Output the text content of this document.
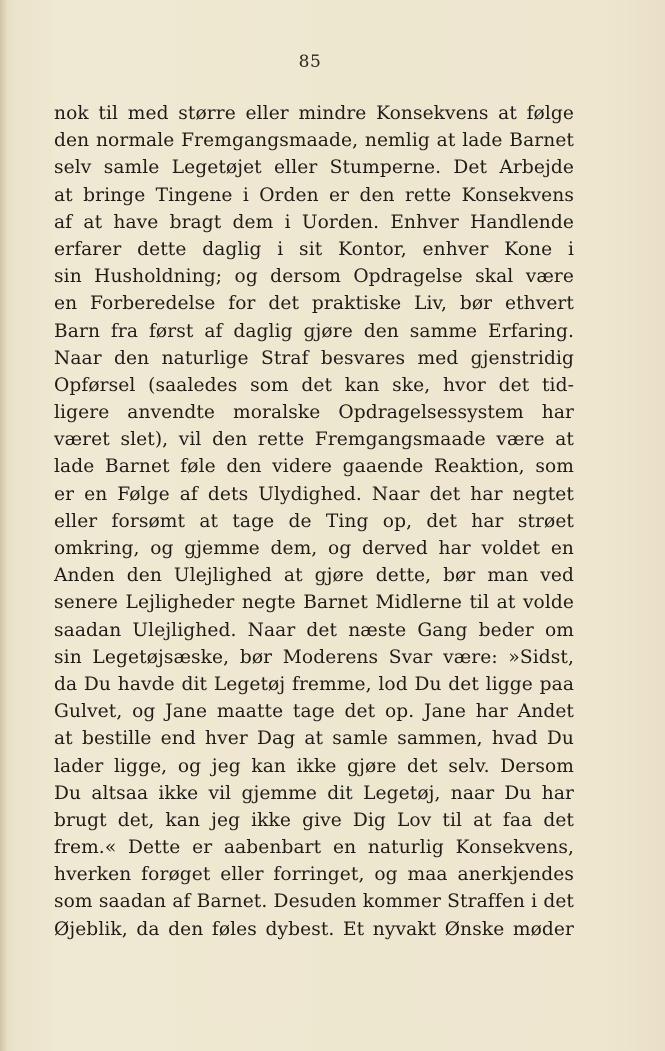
85
nok til med større eller mindre Konsekvens at følge
den normale Fremgangsmaade, nemlig at lade Barnet
selv samle Legetøjet eller Stumperne. Det Arbejde
at bringe Tingene i Orden er den rette Konsekvens
af at have bragt dem i Uorden. Enhver Handlende
erfarer dette daglig i sit Kontor, enhver Kone i
sin Husholdning; og dersom Opdragelse skal være
en Forberedelse for det praktiske Liv, bør ethvert
Barn fra først af daglig gjøre den samme Erfaring.
Naar den naturlige Straf besvares med gjenstridig
Opførsel (saaledes som det kan ske, hvor det tid-
ligere anvendte moralske Opdragelsessystem har
været slet), vil den rette Fremgangsmaade være at
lade Barnet føle den videre gaaende Reaktion, som
er en Følge af dets Ulydighed. Naar det har negtet
eller forsømt at tage de Ting op, det har strøet
omkring, og gjemme dem, og derved har voldet en
Anden den Ulejlighed at gjøre dette, bør man ved
senere Lejligheder negte Barnet Midlerne til at volde
saadan Ulejlighed. Naar det næste Gang beder om
sin Legetøjsæske, bør Moderens Svar være: »Sidst,
da Du havde dit Legetøj fremme, lod Du det ligge paa
Gulvet, og Jane maatte tage det op. Jane har Andet
at bestille end hver Dag at samle sammen, hvad Du
lader ligge, og jeg kan ikke gjøre det selv. Dersom
Du altsaa ikke vil gjemme dit Legetøj, naar Du har
brugt det, kan jeg ikke give Dig Lov til at faa det
frem.« Dette er aabenbart en naturlig Konsekvens,
hverken forøget eller forringet, og maa anerkjendes
som saadan af Barnet. Desuden kommer Straffen i det
Øjeblik, da den føles dybest. Et nyvakt Ønske møder
